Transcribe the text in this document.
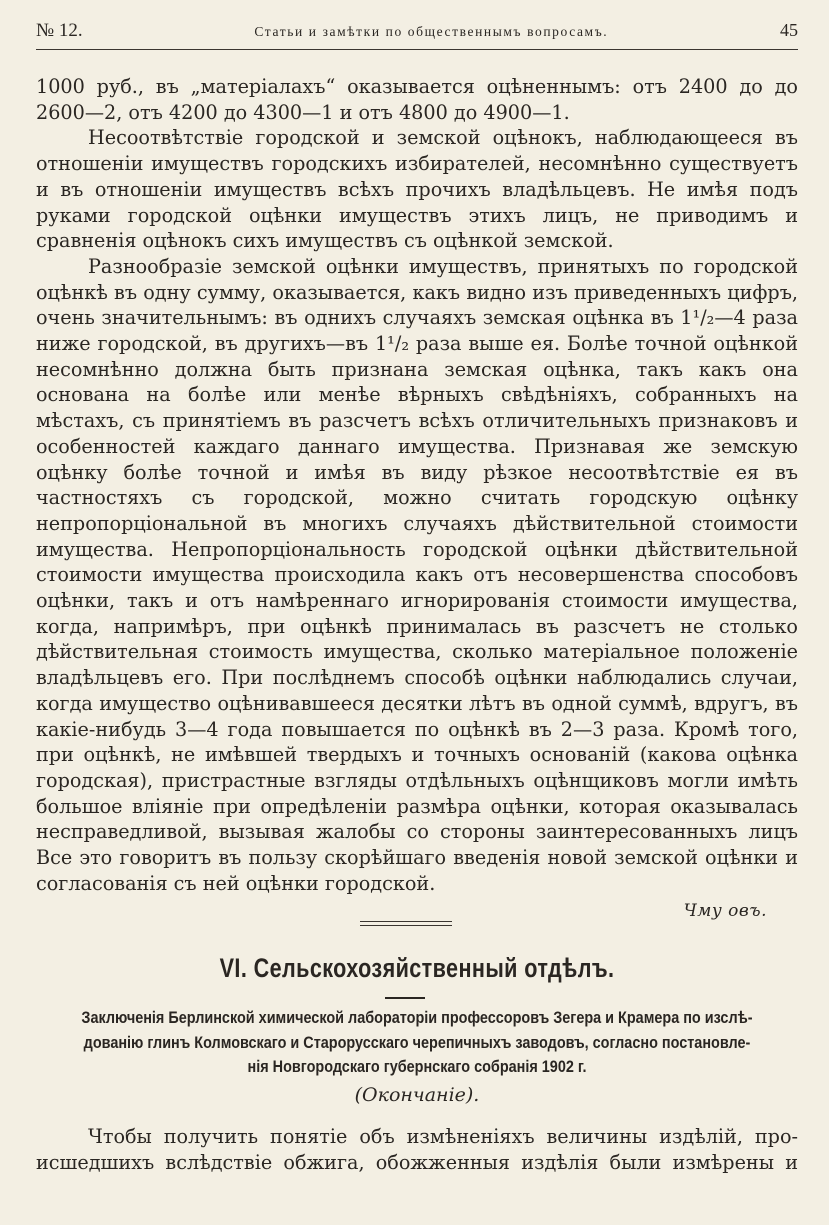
№ 12.	Статьи и замѣтки по общественнымъ вопросамъ.	45

1000 руб., въ „матеріалахъ“ оказывается оцѣненнымъ: отъ 2400 до до 2600—2, отъ 4200 до 4300—1 и отъ 4800 до 4900—1.

Несоотвѣтствіе городской и земской оцѣнокъ, наблюдающееся въ отношеніи имуществъ городскихъ избирателей, несомнѣнно существуетъ и въ отношеніи имуществъ всѣхъ прочихъ владѣльцевъ. Не имѣя подъ руками городской оцѣнки имуществъ этихъ лицъ, не приводимъ и сравненія оцѣнокъ сихъ имуществъ съ оцѣнкой земской.

Разнообразіе земской оцѣнки имуществъ, принятыхъ по городской оцѣнкѣ въ одну сумму, оказывается, какъ видно изъ приведенныхъ цифръ, очень значительнымъ: въ однихъ случаяхъ земская оцѣнка въ 1¹/₂—4 раза ниже городской, въ другихъ—въ 1¹/₂ раза выше ея. Болѣе точной оцѣнкой несомнѣнно должна быть признана земская оцѣнка, такъ какъ она основана на болѣе или менѣе вѣрныхъ свѣдѣніяхъ, собранныхъ на мѣстахъ, съ принятіемъ въ разсчетъ всѣхъ отличительныхъ признаковъ и особенностей каждаго даннаго имущества. Признавая же земскую оцѣнку болѣе точной и имѣя въ виду рѣзкое несоотвѣтствіе ея въ частностяхъ съ городской, можно считать городскую оцѣнку непропорціональной въ многихъ случаяхъ дѣйствительной стоимости имущества. Непропорціональность городской оцѣнки дѣйствительной стоимости имущества происходила какъ отъ несовершенства способовъ оцѣнки, такъ и отъ намѣреннаго игнорированія стоимости имущества, когда, напримѣръ, при оцѣнкѣ принималась въ разсчетъ не столько дѣйствительная стоимость имущества, сколько матеріальное положеніе владѣльцевъ его. При послѣднемъ способѣ оцѣнки наблюдались случаи, когда имущество оцѣнивавшееся десятки лѣтъ въ одной суммѣ, вдругъ, въ какіе-нибудь 3—4 года повышается по оцѣнкѣ въ 2—3 раза. Кромѣ того, при оцѣнкѣ, не имѣвшей твердыхъ и точныхъ основаній (какова оцѣнка городская), пристрастные взгляды отдѣльныхъ оцѣнщиковъ могли имѣть большое вліяніе при опредѣленіи размѣра оцѣнки, которая оказывалась несправедливой, вызывая жалобы со стороны заинтересованныхъ лицъ Все это говоритъ въ пользу скорѣйшаго введенія новой земской оцѣнки и согласованія съ ней оцѣнки городской.

Чму овъ.
VI. Сельскохозяйственный отдѣлъ.
Заключенія Берлинской химической лабораторіи профессоровъ Зегера и Крамера по изслѣ-
дованію глинъ Колмовскаго и Старорусскаго черепичныхъ заводовъ, согласно постановле-
нія Новгородскаго губернскаго собранія 1902 г.
(Окончаніе).

Чтобы получить понятіе объ измѣненіяхъ величины издѣлій, про-
исшедшихъ вслѣдствіе обжига, обожженныя издѣлія были измѣрены и
